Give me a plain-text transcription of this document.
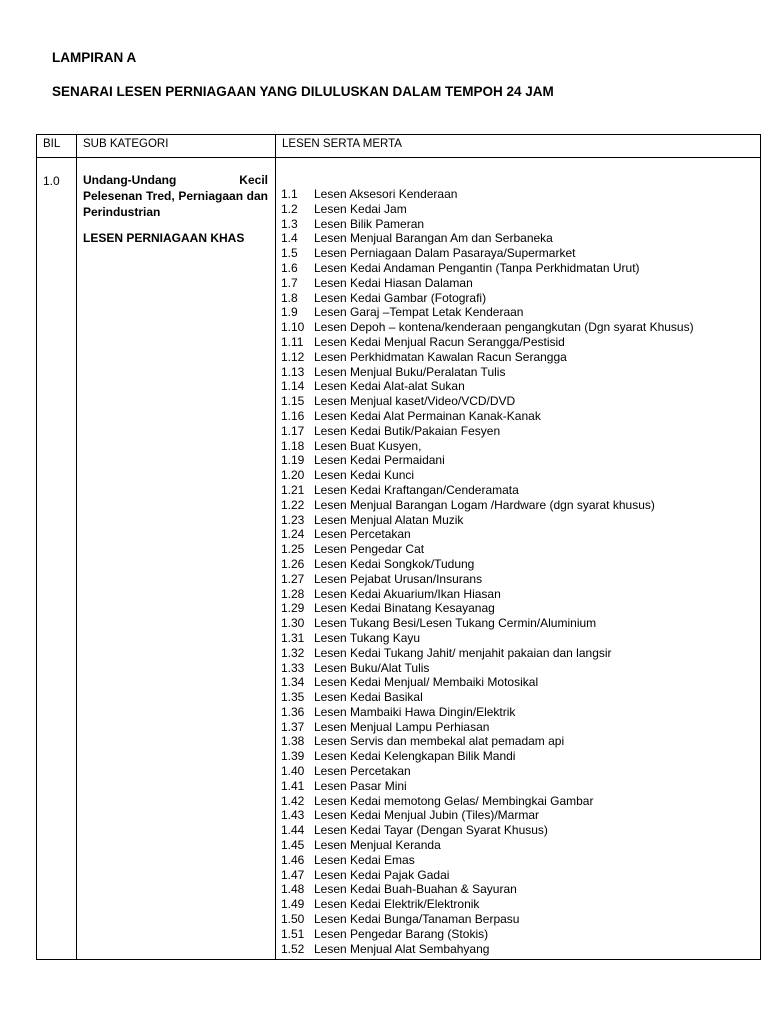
LAMPIRAN A
SENARAI LESEN PERNIAGAAN YANG DILULUSKAN DALAM TEMPOH 24 JAM
BIL SUB KATEGORI	LESEN SERTA MERTA
1.0 Undang-Undang Kecil Pelesenan Tred, Perniagaan dan Perindustrian
LESEN PERNIAGAAN KHAS
1.1 Lesen Aksesori Kenderaan
1.2 Lesen Kedai Jam
1.3 Lesen Bilik Pameran
1.4 Lesen Menjual Barangan Am dan Serbaneka
1.5 Lesen Perniagaan Dalam Pasaraya/Supermarket
1.6 Lesen Kedai Andaman Pengantin (Tanpa Perkhidmatan Urut)
1.7 Lesen Kedai Hiasan Dalaman
1.8 Lesen Kedai Gambar (Fotografi)
1.9 Lesen Garaj –Tempat Letak Kenderaan
1.10 Lesen Depoh – kontena/kenderaan pengangkutan (Dgn syarat Khusus)
1.11 Lesen Kedai Menjual Racun Serangga/Pestisid
1.12 Lesen Perkhidmatan Kawalan Racun Serangga
1.13 Lesen Menjual Buku/Peralatan Tulis
1.14 Lesen Kedai Alat-alat Sukan
1.15 Lesen Menjual kaset/Video/VCD/DVD
1.16 Lesen Kedai Alat Permainan Kanak-Kanak
1.17 Lesen Kedai Butik/Pakaian Fesyen
1.18 Lesen Buat Kusyen,
1.19 Lesen Kedai Permaidani
1.20 Lesen Kedai Kunci
1.21 Lesen Kedai Kraftangan/Cenderamata
1.22 Lesen Menjual Barangan Logam /Hardware (dgn syarat khusus)
1.23 Lesen Menjual Alatan Muzik
1.24 Lesen Percetakan
1.25 Lesen Pengedar Cat
1.26 Lesen Kedai Songkok/Tudung
1.27 Lesen Pejabat Urusan/Insurans
1.28 Lesen Kedai Akuarium/Ikan Hiasan
1.29 Lesen Kedai Binatang Kesayanag
1.30 Lesen Tukang Besi/Lesen Tukang Cermin/Aluminium
1.31 Lesen Tukang Kayu
1.32 Lesen Kedai Tukang Jahit/ menjahit pakaian dan langsir
1.33 Lesen Buku/Alat Tulis
1.34 Lesen Kedai Menjual/ Membaiki Motosikal
1.35 Lesen Kedai Basikal
1.36 Lesen Mambaiki Hawa Dingin/Elektrik
1.37 Lesen Menjual Lampu Perhiasan
1.38 Lesen Servis dan membekal alat pemadam api
1.39 Lesen Kedai Kelengkapan Bilik Mandi
1.40 Lesen Percetakan
1.41 Lesen Pasar Mini
1.42 Lesen Kedai memotong Gelas/ Membingkai Gambar
1.43 Lesen Kedai Menjual Jubin (Tiles)/Marmar
1.44 Lesen Kedai Tayar (Dengan Syarat Khusus)
1.45 Lesen Menjual Keranda
1.46 Lesen Kedai Emas
1.47 Lesen Kedai Pajak Gadai
1.48 Lesen Kedai Buah-Buahan & Sayuran
1.49 Lesen Kedai Elektrik/Elektronik
1.50 Lesen Kedai Bunga/Tanaman Berpasu
1.51 Lesen Pengedar Barang (Stokis)
1.52 Lesen Menjual Alat Sembahyang
